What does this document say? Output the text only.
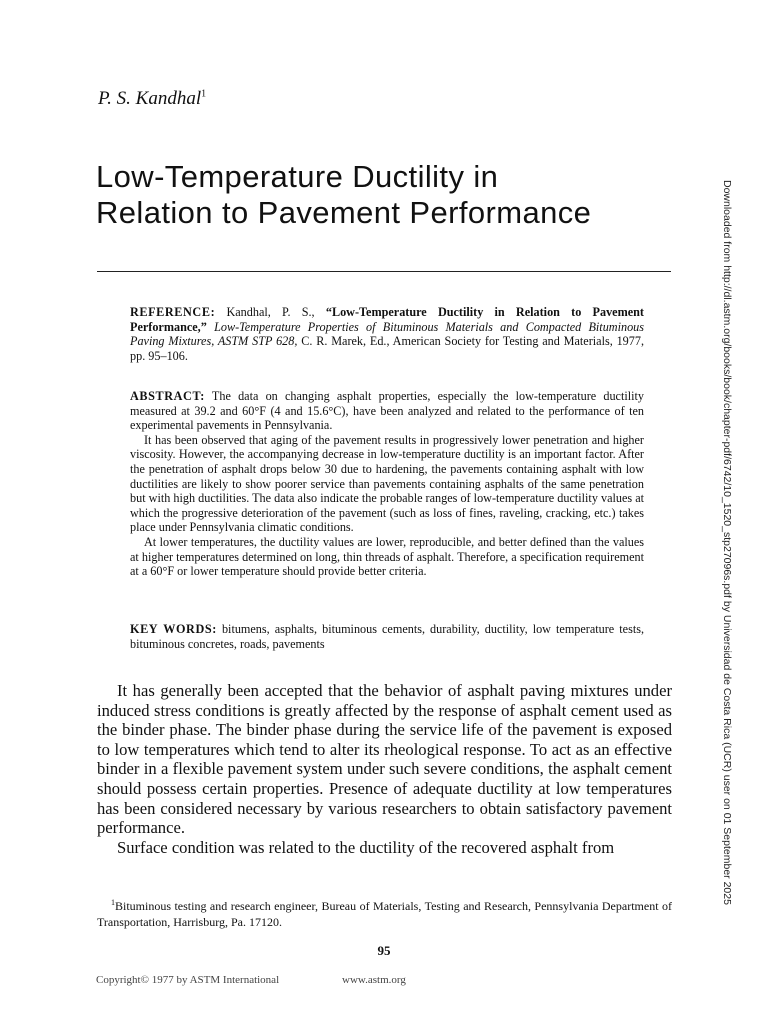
P. S. Kandhal$^1$
Low-Temperature Ductility in
Relation to Pavement Performance
REFERENCE: Kandhal, P. S., “Low-Temperature Ductility in Relation to Pavement Performance,” Low-Temperature Properties of Bituminous Materials and Compacted Bituminous Paving Mixtures, ASTM STP 628, C. R. Marek, Ed., American Society for Testing and Materials, 1977, pp. 95–106.

ABSTRACT: The data on changing asphalt properties, especially the low-temperature ductility measured at 39.2 and 60°F (4 and 15.6°C), have been analyzed and related to the performance of ten experimental pavements in Pennsylvania.

It has been observed that aging of the pavement results in progressively lower penetration and higher viscosity. However, the accompanying decrease in low-temperature ductility is an important factor. After the penetration of asphalt drops below 30 due to hardening, the pavements containing asphalt with low ductilities are likely to show poorer service than pavements containing asphalts of the same penetration but with high ductilities. The data also indicate the probable ranges of low-temperature ductility values at which the progressive deterioration of the pavement (such as loss of fines, raveling, cracking, etc.) takes place under Pennsylvania climatic conditions.

At lower temperatures, the ductility values are lower, reproducible, and better defined than the values at higher temperatures determined on long, thin threads of asphalt. Therefore, a specification requirement at a 60°F or lower temperature should provide better criteria.

KEY WORDS: bitumens, asphalts, bituminous cements, durability, ductility, low temperature tests, bituminous concretes, roads, pavements

It has generally been accepted that the behavior of asphalt paving mixtures under induced stress conditions is greatly affected by the response of asphalt cement used as the binder phase. The binder phase during the service life of the pavement is exposed to low temperatures which tend to alter its rheological response. To act as an effective binder in a flexible pavement system under such severe conditions, the asphalt cement should possess certain properties. Presence of adequate ductility at low temperatures has been considered necessary by various researchers to obtain satisfactory pavement performance.

Surface condition was related to the ductility of the recovered asphalt from

$^1$Bituminous testing and research engineer, Bureau of Materials, Testing and Research, Pennsylvania Department of Transportation, Harrisburg, Pa. 17120.
95
Copyright© 1977 by ASTM International	www.astm.org
Downloaded from http://dl.astm.org/books/book/chapter-pdf/6742/10_1520_stp27096s.pdf by Universidad de Costa Rica (UCR) user on 01 September 2025
